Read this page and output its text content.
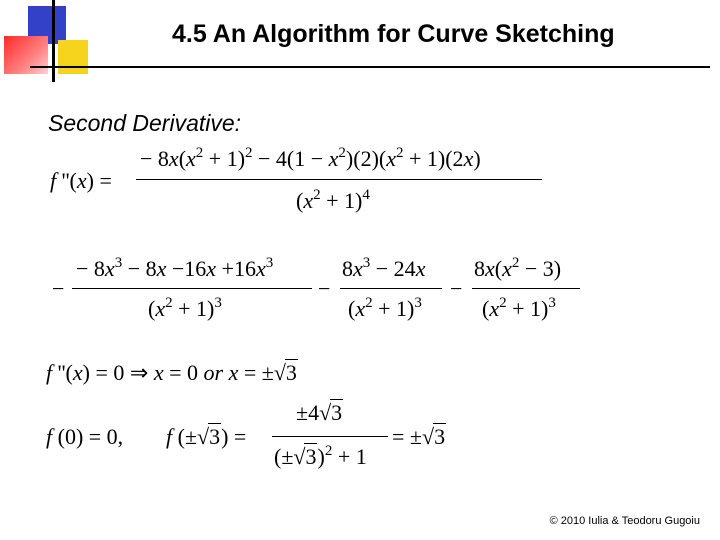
4.5 An Algorithm for Curve Sketching
Second Derivative:
f ''(x) =
− $8x(x^2 + 1)^2 - 4(1 - x^2)(2)(x^2 + 1)(2x)$
$(x^2 + 1)^4$
−
− $8x^3 - 8x -16x +16x^3$
$(x^2 + 1)^3$
−
$8x^3 - 24x$
$(x^2 + 1)^3$
−
$8x(x^2 - 3)$
$(x^2 + 1)^3$
f ''(x) = 0 ⇒ x = 0 or x = ±√3
f (0) = 0, f (±√3) =
±4√3
$(\pm√3)^2 + 1$
= ±√3
© 2010 Iulia & Teodoru Gugoiu
